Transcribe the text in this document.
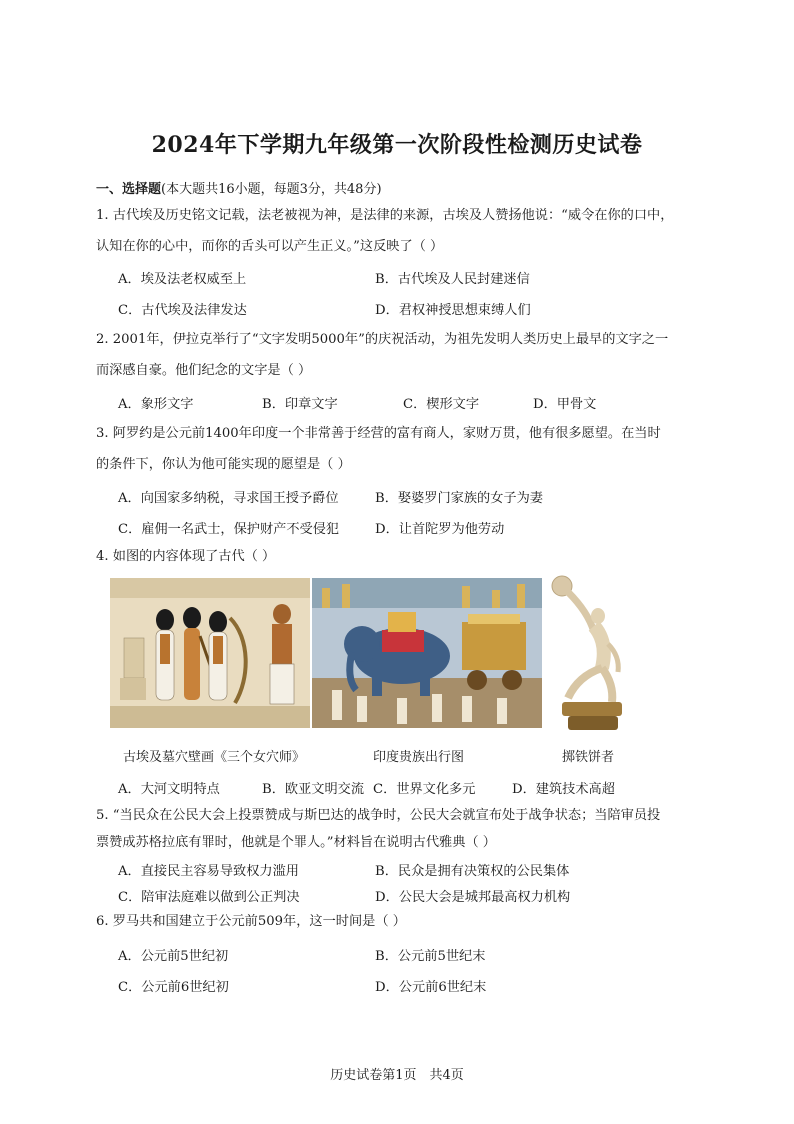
2024年下学期九年级第一次阶段性检测历史试卷
一、选择题(本大题共16小题，每题3分，共48分)
1. 古代埃及历史铭文记载，法老被视为神，是法律的来源，古埃及人赞扬他说：“威令在你的口中，
认知在你的心中，而你的舌头可以产生正义。”这反映了（ ）
A．埃及法老权威至上	B．古代埃及人民封建迷信
C．古代埃及法律发达	D．君权神授思想束缚人们
2. 2001年，伊拉克举行了“文字发明5000年”的庆祝活动，为祖先发明人类历史上最早的文字之一
而深感自豪。他们纪念的文字是（ ）
A．象形文字	B．印章文字	C．楔形文字	D．甲骨文
3. 阿罗约是公元前1400年印度一个非常善于经营的富有商人，家财万贯，他有很多愿望。在当时
的条件下，你认为他可能实现的愿望是（ ）
A．向国家多纳税，寻求国王授予爵位	B．娶婆罗门家族的女子为妻
C．雇佣一名武士，保护财产不受侵犯	D．让首陀罗为他劳动
4. 如图的内容体现了古代（ ）
古埃及墓穴壁画《三个女穴师》	印度贵族出行图	掷铁饼者
A．大河文明特点	B．欧亚文明交流 C．世界文化多元	D．建筑技术高超
5. “当民众在公民大会上投票赞成与斯巴达的战争时，公民大会就宣布处于战争状态；当陪审员投
票赞成苏格拉底有罪时，他就是个罪人。”材料旨在说明古代雅典（ ）
A．直接民主容易导致权力滥用	B．民众是拥有决策权的公民集体
C．陪审法庭难以做到公正判决	D．公民大会是城邦最高权力机构
6. 罗马共和国建立于公元前509年，这一时间是（ ）
A．公元前5世纪初	B．公元前5世纪末
C．公元前6世纪初	D．公元前6世纪末
历史试卷第1页　共4页
